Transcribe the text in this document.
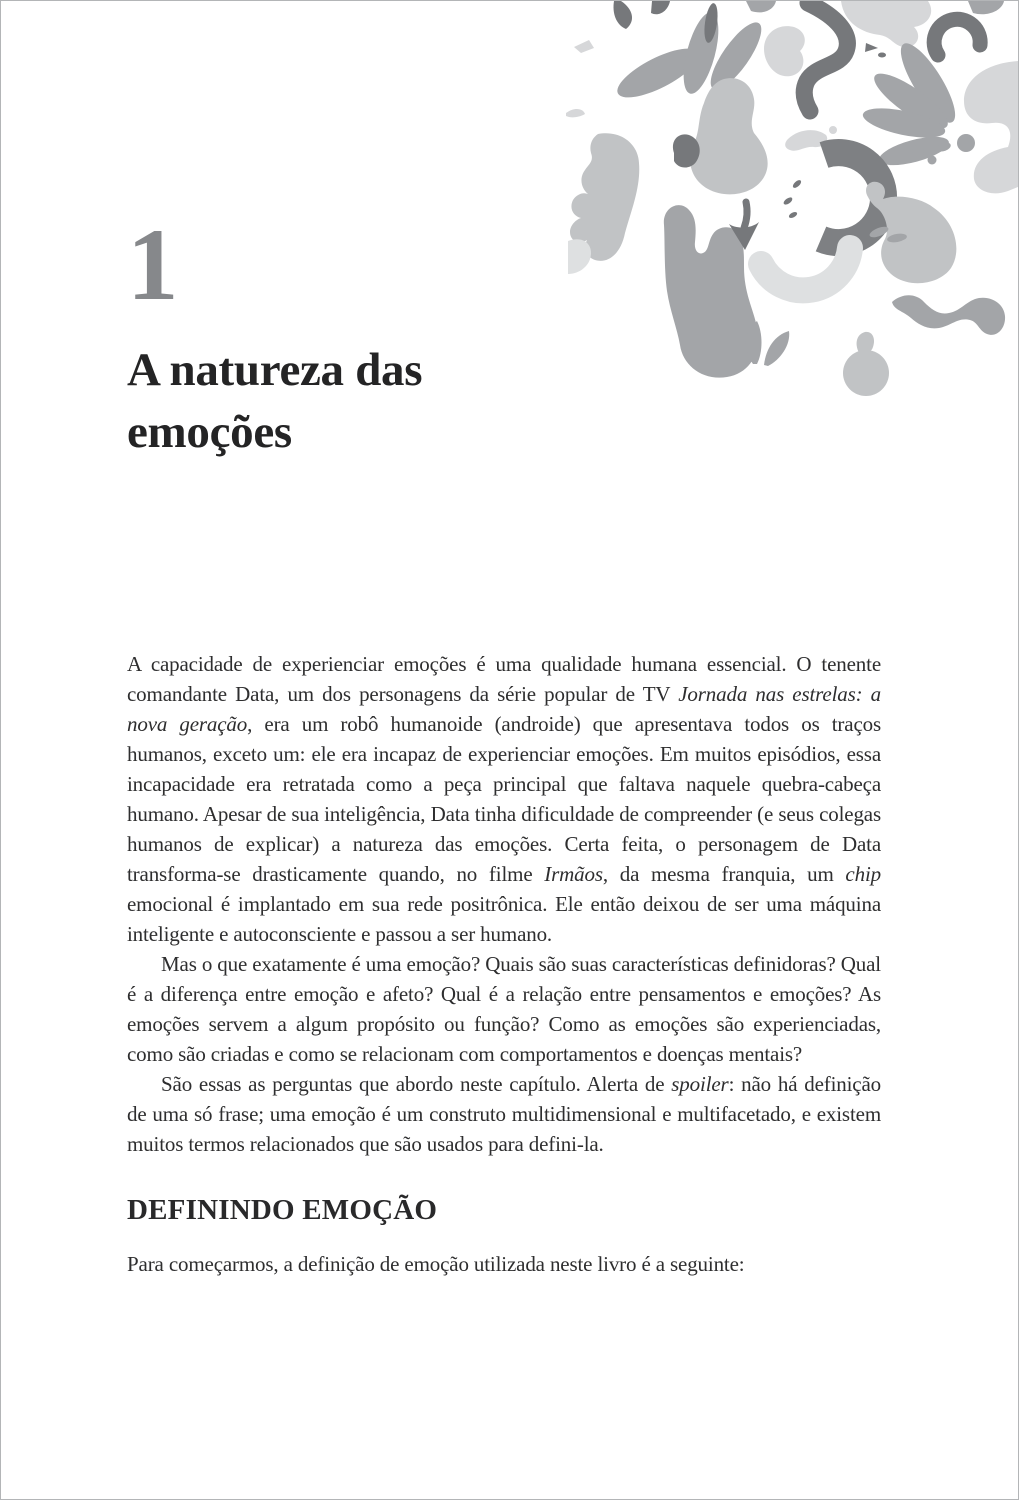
1
A natureza das emoções

A capacidade de experienciar emoções é uma qualidade humana essencial. O tenente comandante Data, um dos personagens da série popular de TV Jornada nas estrelas: a nova geração, era um robô humanoide (androide) que apresentava todos os traços humanos, exceto um: ele era incapaz de experienciar emoções. Em muitos episódios, essa incapacidade era retratada como a peça principal que faltava naquele quebra-cabeça humano. Apesar de sua inteligência, Data tinha dificuldade de compreender (e seus colegas humanos de explicar) a natureza das emoções. Certa feita, o personagem de Data transforma-se drasticamente quando, no filme Irmãos, da mesma franquia, um chip emocional é implantado em sua rede positrônica. Ele então deixou de ser uma máquina inteligente e autoconsciente e passou a ser humano.

Mas o que exatamente é uma emoção? Quais são suas características definidoras? Qual é a diferença entre emoção e afeto? Qual é a relação entre pensamentos e emoções? As emoções servem a algum propósito ou função? Como as emoções são experienciadas, como são criadas e como se relacionam com comportamentos e doenças mentais?

São essas as perguntas que abordo neste capítulo. Alerta de spoiler: não há definição de uma só frase; uma emoção é um construto multidimensional e multifacetado, e existem muitos termos relacionados que são usados para defini-la.

DEFININDO EMOÇÃO

Para começarmos, a definição de emoção utilizada neste livro é a seguinte:
